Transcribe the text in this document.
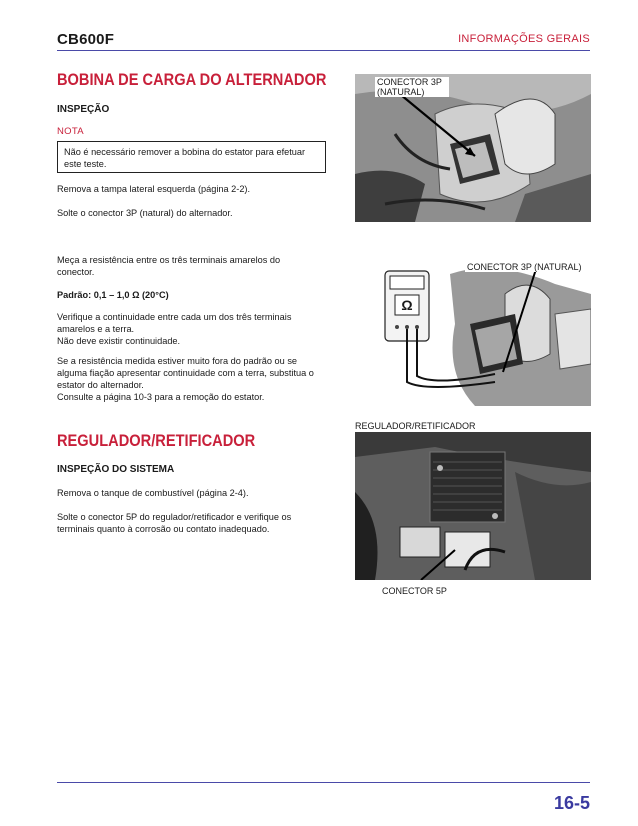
CB600F	INFORMAÇÕES GERAIS
BOBINA DE CARGA DO ALTERNADOR
INSPEÇÃO
NOTA
Não é necessário remover a bobina do estator para efetuar este teste.
Remova a tampa lateral esquerda (página 2-2).
Solte o conector 3P (natural) do alternador.
Meça a resistência entre os três terminais amarelos do conector.
Padrão: 0,1 – 1,0 Ω (20°C)
Verifique a continuidade entre cada um dos três terminais amarelos e a terra.
Não deve existir continuidade.
Se a resistência medida estiver muito fora do padrão ou se alguma fiação apresentar continuidade com a terra, substitua o estator do alternador.
Consulte a página 10-3 para a remoção do estator.
REGULADOR/RETIFICADOR
INSPEÇÃO DO SISTEMA
Remova o tanque de combustível (página 2-4).
Solte o conector 5P do regulador/retificador e verifique os terminais quanto à corrosão ou contato inadequado.
CONECTOR 3P (NATURAL)
Ω
CONECTOR 3P (NATURAL)
REGULADOR/RETIFICADOR
CONECTOR 5P
16-5
